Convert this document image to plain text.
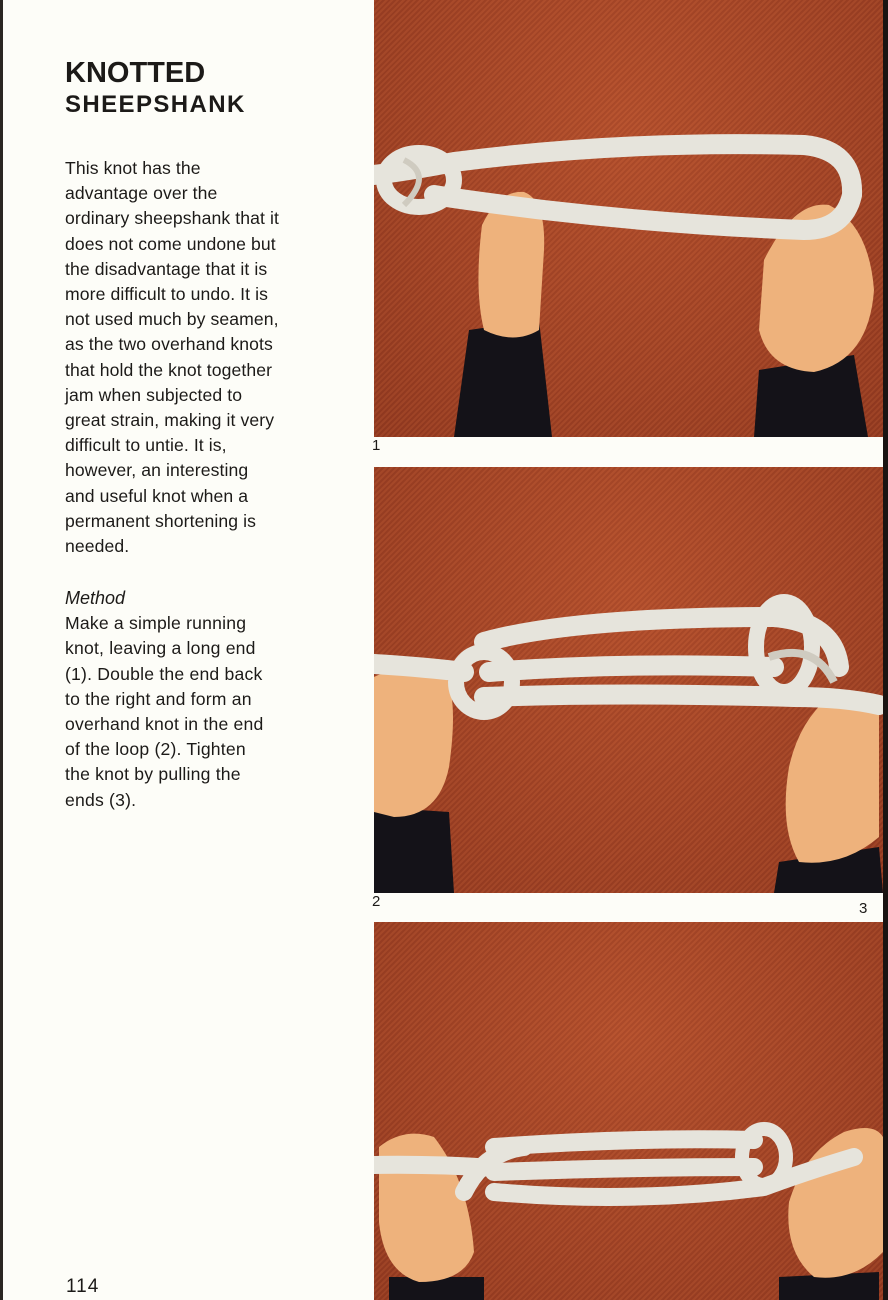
KNOTTED
SHEEPSHANK

This knot has the
advantage over the
ordinary sheepshank that it
does not come undone but
the disadvantage that it is
more difficult to undo. It is
not used much by seamen,
as the two overhand knots
that hold the knot together
jam when subjected to
great strain, making it very
difficult to untie. It is,
however, an interesting
and useful knot when a
permanent shortening is
needed.

Method

Make a simple running
knot, leaving a long end
(1). Double the end back
to the right and form an
overhand knot in the end
of the loop (2). Tighten
the knot by pulling the
ends (3).

114
1
2	3
